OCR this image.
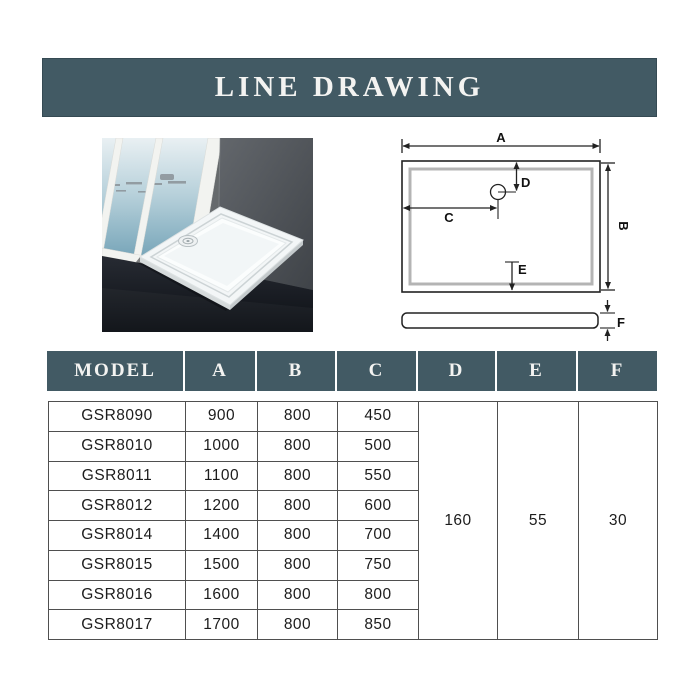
LINE DRAWING
A
B
C
D
E
F
MODEL	A	B	C	D	E	F
GSR8090	900	800	450	160	55	30
GSR8010	1000	800	500			
GSR8011	1100	800	550			
GSR8012	1200	800	600			
GSR8014	1400	800	700			
GSR8015	1500	800	750			
GSR8016	1600	800	800			
GSR8017	1700	800	850			
